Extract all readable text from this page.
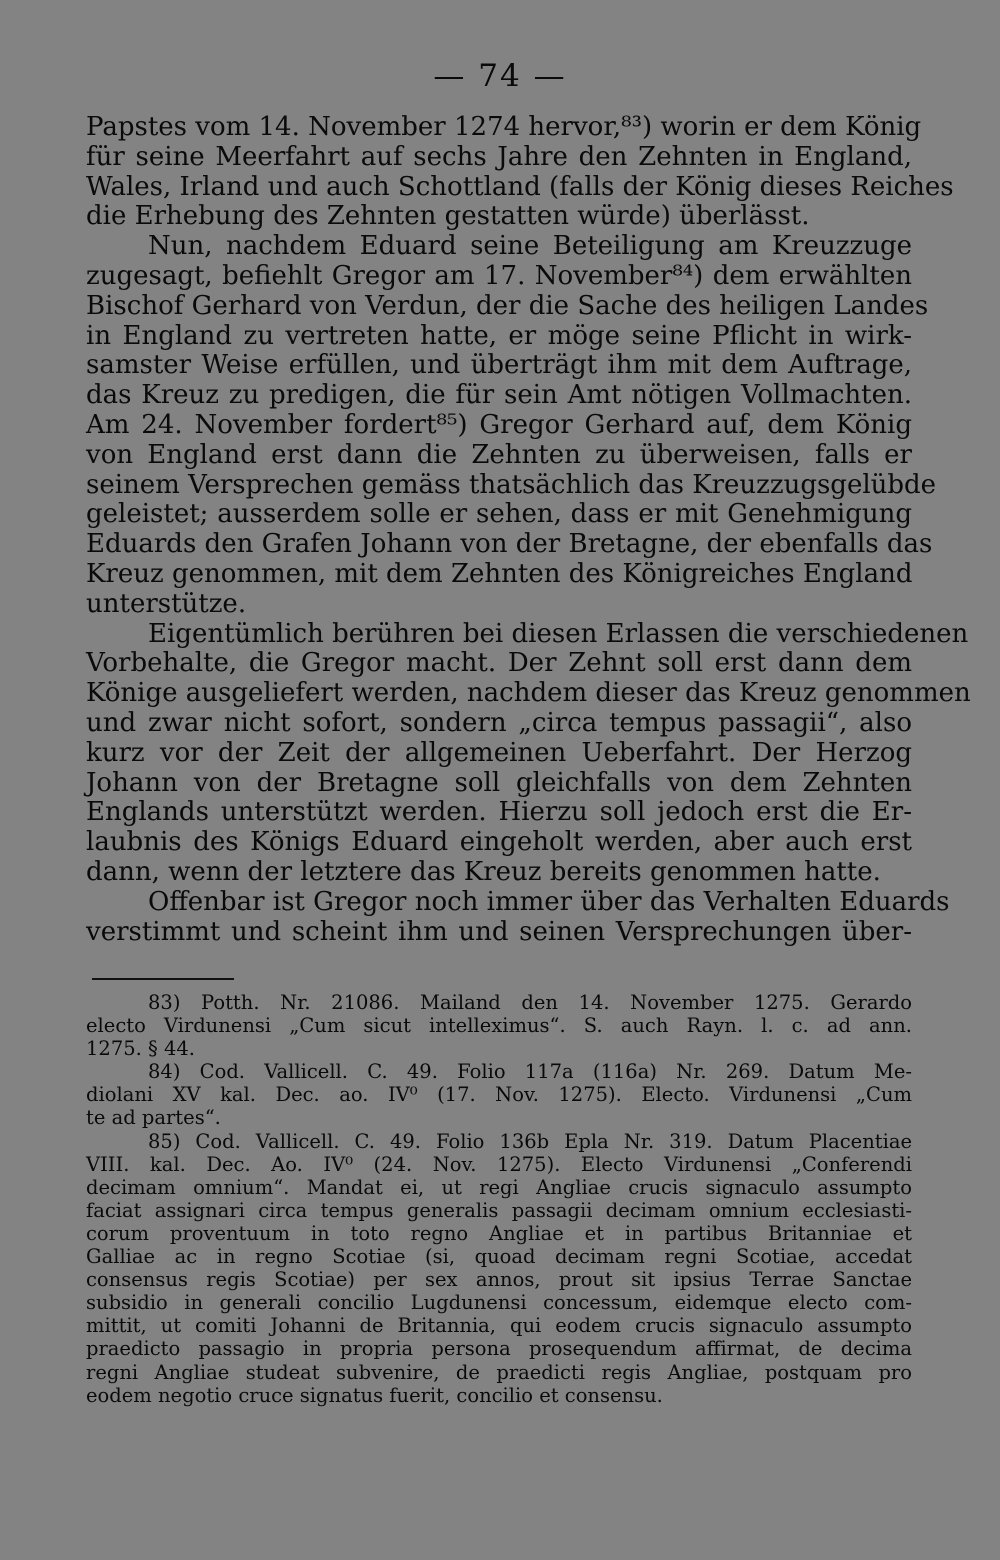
— 74 —
Papstes vom 14. November 1274 hervor,⁸³) worin er dem König
für seine Meerfahrt auf sechs Jahre den Zehnten in England,
Wales, Irland und auch Schottland (falls der König dieses Reiches
die Erhebung des Zehnten gestatten würde) überlässt.
Nun, nachdem Eduard seine Beteiligung am Kreuzzuge
zugesagt, befiehlt Gregor am 17. November⁸⁴) dem erwählten
Bischof Gerhard von Verdun, der die Sache des heiligen Landes
in England zu vertreten hatte, er möge seine Pflicht in wirk-
samster Weise erfüllen, und überträgt ihm mit dem Auftrage,
das Kreuz zu predigen, die für sein Amt nötigen Vollmachten.
Am 24. November fordert⁸⁵) Gregor Gerhard auf, dem König
von England erst dann die Zehnten zu überweisen, falls er
seinem Versprechen gemäss thatsächlich das Kreuzzugsgelübde
geleistet; ausserdem solle er sehen, dass er mit Genehmigung
Eduards den Grafen Johann von der Bretagne, der ebenfalls das
Kreuz genommen, mit dem Zehnten des Königreiches England
unterstütze.
Eigentümlich berühren bei diesen Erlassen die verschiedenen
Vorbehalte, die Gregor macht. Der Zehnt soll erst dann dem
Könige ausgeliefert werden, nachdem dieser das Kreuz genommen
und zwar nicht sofort, sondern „circa tempus passagii“, also
kurz vor der Zeit der allgemeinen Ueberfahrt. Der Herzog
Johann von der Bretagne soll gleichfalls von dem Zehnten
Englands unterstützt werden. Hierzu soll jedoch erst die Er-
laubnis des Königs Eduard eingeholt werden, aber auch erst
dann, wenn der letztere das Kreuz bereits genommen hatte.
Offenbar ist Gregor noch immer über das Verhalten Eduards
verstimmt und scheint ihm und seinen Versprechungen über-
83) Potth. Nr. 21086. Mailand den 14. November 1275. Gerardo
electo Virdunensi „Cum sicut intelleximus“. S. auch Rayn. l. c. ad ann.
1275. § 44.
84) Cod. Vallicell. C. 49. Folio 117a (116a) Nr. 269. Datum Me-
diolani XV kal. Dec. ao. IV⁰ (17. Nov. 1275). Electo. Virdunensi „Cum
te ad partes“.
85) Cod. Vallicell. C. 49. Folio 136b Epla Nr. 319. Datum Placentiae
VIII. kal. Dec. Ao. IV⁰ (24. Nov. 1275). Electo Virdunensi „Conferendi
decimam omnium“. Mandat ei, ut regi Angliae crucis signaculo assumpto
faciat assignari circa tempus generalis passagii decimam omnium ecclesiasti-
corum proventuum in toto regno Angliae et in partibus Britanniae et
Galliae ac in regno Scotiae (si, quoad decimam regni Scotiae, accedat
consensus regis Scotiae) per sex annos, prout sit ipsius Terrae Sanctae
subsidio in generali concilio Lugdunensi concessum, eidemque electo com-
mittit, ut comiti Johanni de Britannia, qui eodem crucis signaculo assumpto
praedicto passagio in propria persona prosequendum affirmat, de decima
regni Angliae studeat subvenire, de praedicti regis Angliae, postquam pro
eodem negotio cruce signatus fuerit, concilio et consensu.
